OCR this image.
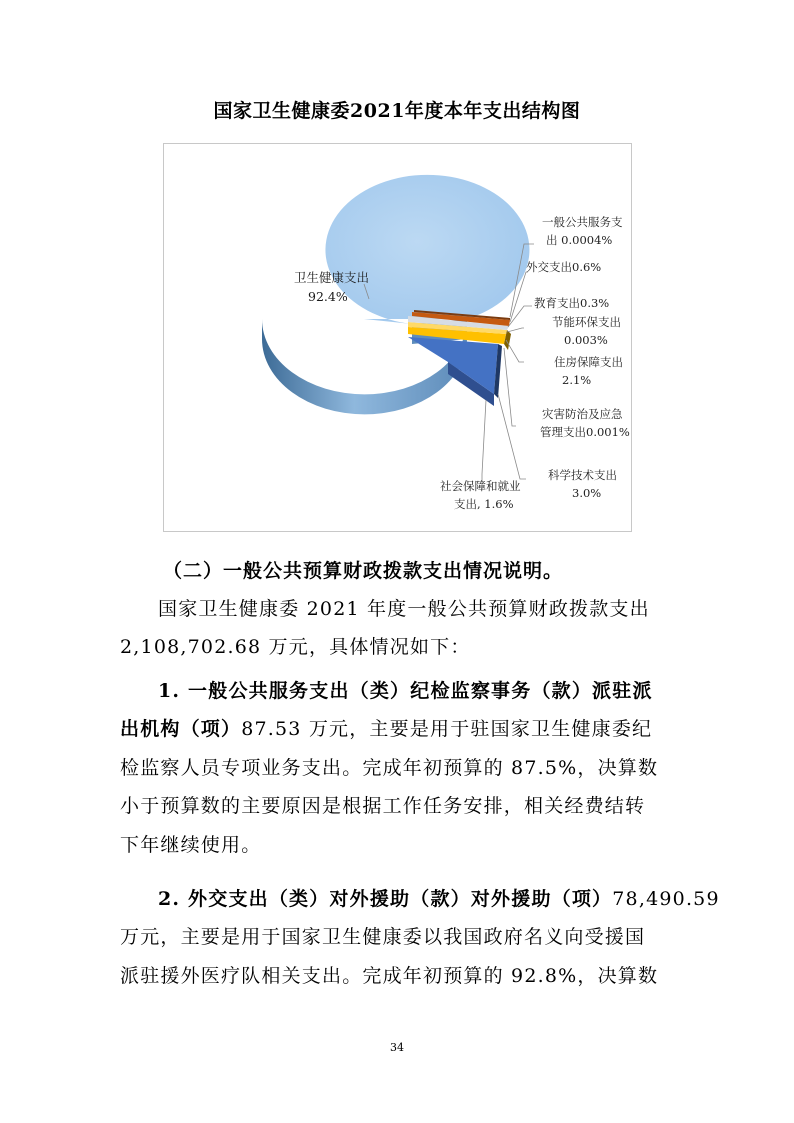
国家卫生健康委2021年度本年支出结构图
卫生健康支出
92.4%
一般公共服务支
出 0.0004%
外交支出0.6%
教育支出0.3%
节能环保支出
0.003%
住房保障支出
2.1%
灾害防治及应急
管理支出0.001%
科学技术支出
3.0%
社会保障和就业
支出, 1.6%
（二）一般公共预算财政拨款支出情况说明。
国家卫生健康委 2021 年度一般公共预算财政拨款支出
2,108,702.68 万元，具体情况如下：
1. 一般公共服务支出（类）纪检监察事务（款）派驻派
出机构（项）87.53 万元，主要是用于驻国家卫生健康委纪
检监察人员专项业务支出。完成年初预算的 87.5%，决算数
小于预算数的主要原因是根据工作任务安排，相关经费结转
下年继续使用。
2. 外交支出（类）对外援助（款）对外援助（项）78,490.59
万元，主要是用于国家卫生健康委以我国政府名义向受援国
派驻援外医疗队相关支出。完成年初预算的 92.8%，决算数
34
